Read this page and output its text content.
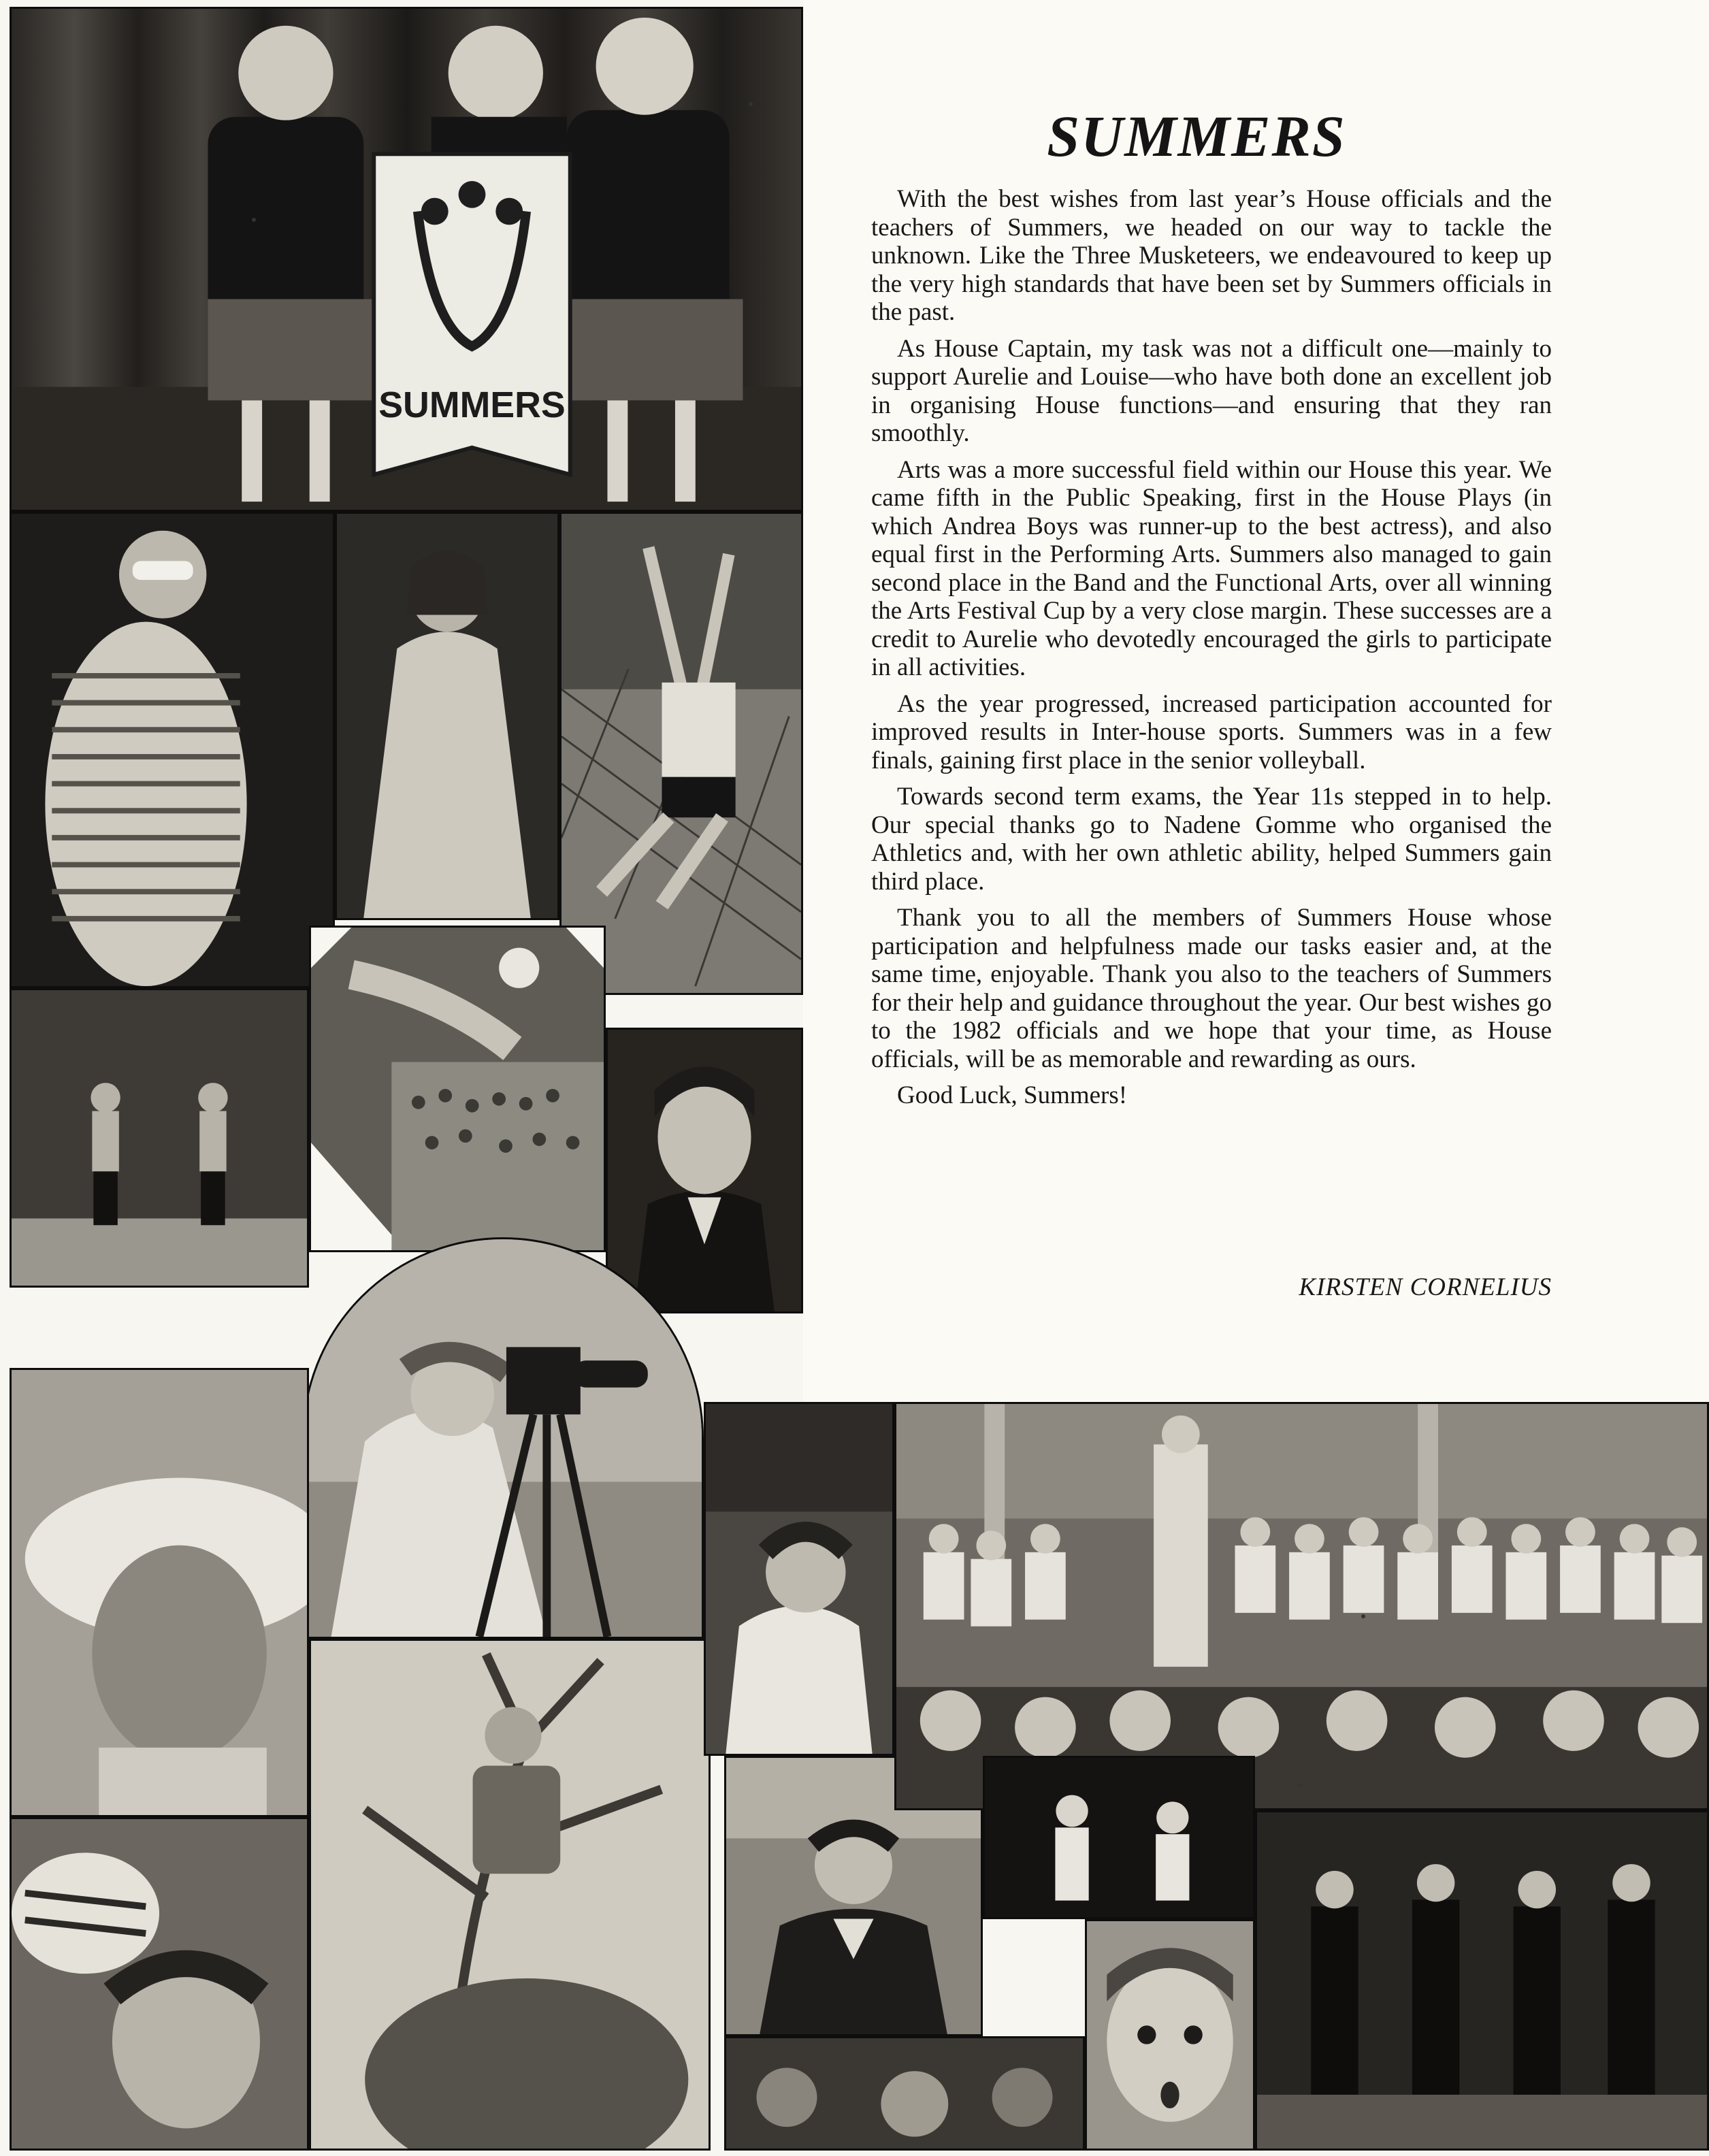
SUMMERS
SUMMERS

With the best wishes from last year’s House officials and the teachers of Summers, we headed on our way to tackle the unknown. Like the Three Musketeers, we endeavoured to keep up the very high standards that have been set by Summers officials in the past.

As House Captain, my task was not a difficult one—mainly to support Aurelie and Louise—who have both done an excellent job in organising House functions—and ensuring that they ran smoothly.

Arts was a more successful field within our House this year. We came fifth in the Public Speaking, first in the House Plays (in which Andrea Boys was runner-up to the best actress), and also equal first in the Performing Arts. Summers also managed to gain second place in the Band and the Functional Arts, over all winning the Arts Festival Cup by a very close margin. These successes are a credit to Aurelie who devotedly encouraged the girls to participate in all activities.

As the year progressed, increased participation accounted for improved results in Inter-house sports. Summers was in a few finals, gaining first place in the senior volleyball.

Towards second term exams, the Year 11s stepped in to help. Our special thanks go to Nadene Gomme who organised the Athletics and, with her own athletic ability, helped Summers gain third place.

Thank you to all the members of Summers House whose participation and helpfulness made our tasks easier and, at the same time, enjoyable. Thank you also to the teachers of Summers for their help and guidance throughout the year. Our best wishes go to the 1982 officials and we hope that your time, as House officials, will be as memorable and rewarding as ours.

Good Luck, Summers!

KIRSTEN CORNELIUS
